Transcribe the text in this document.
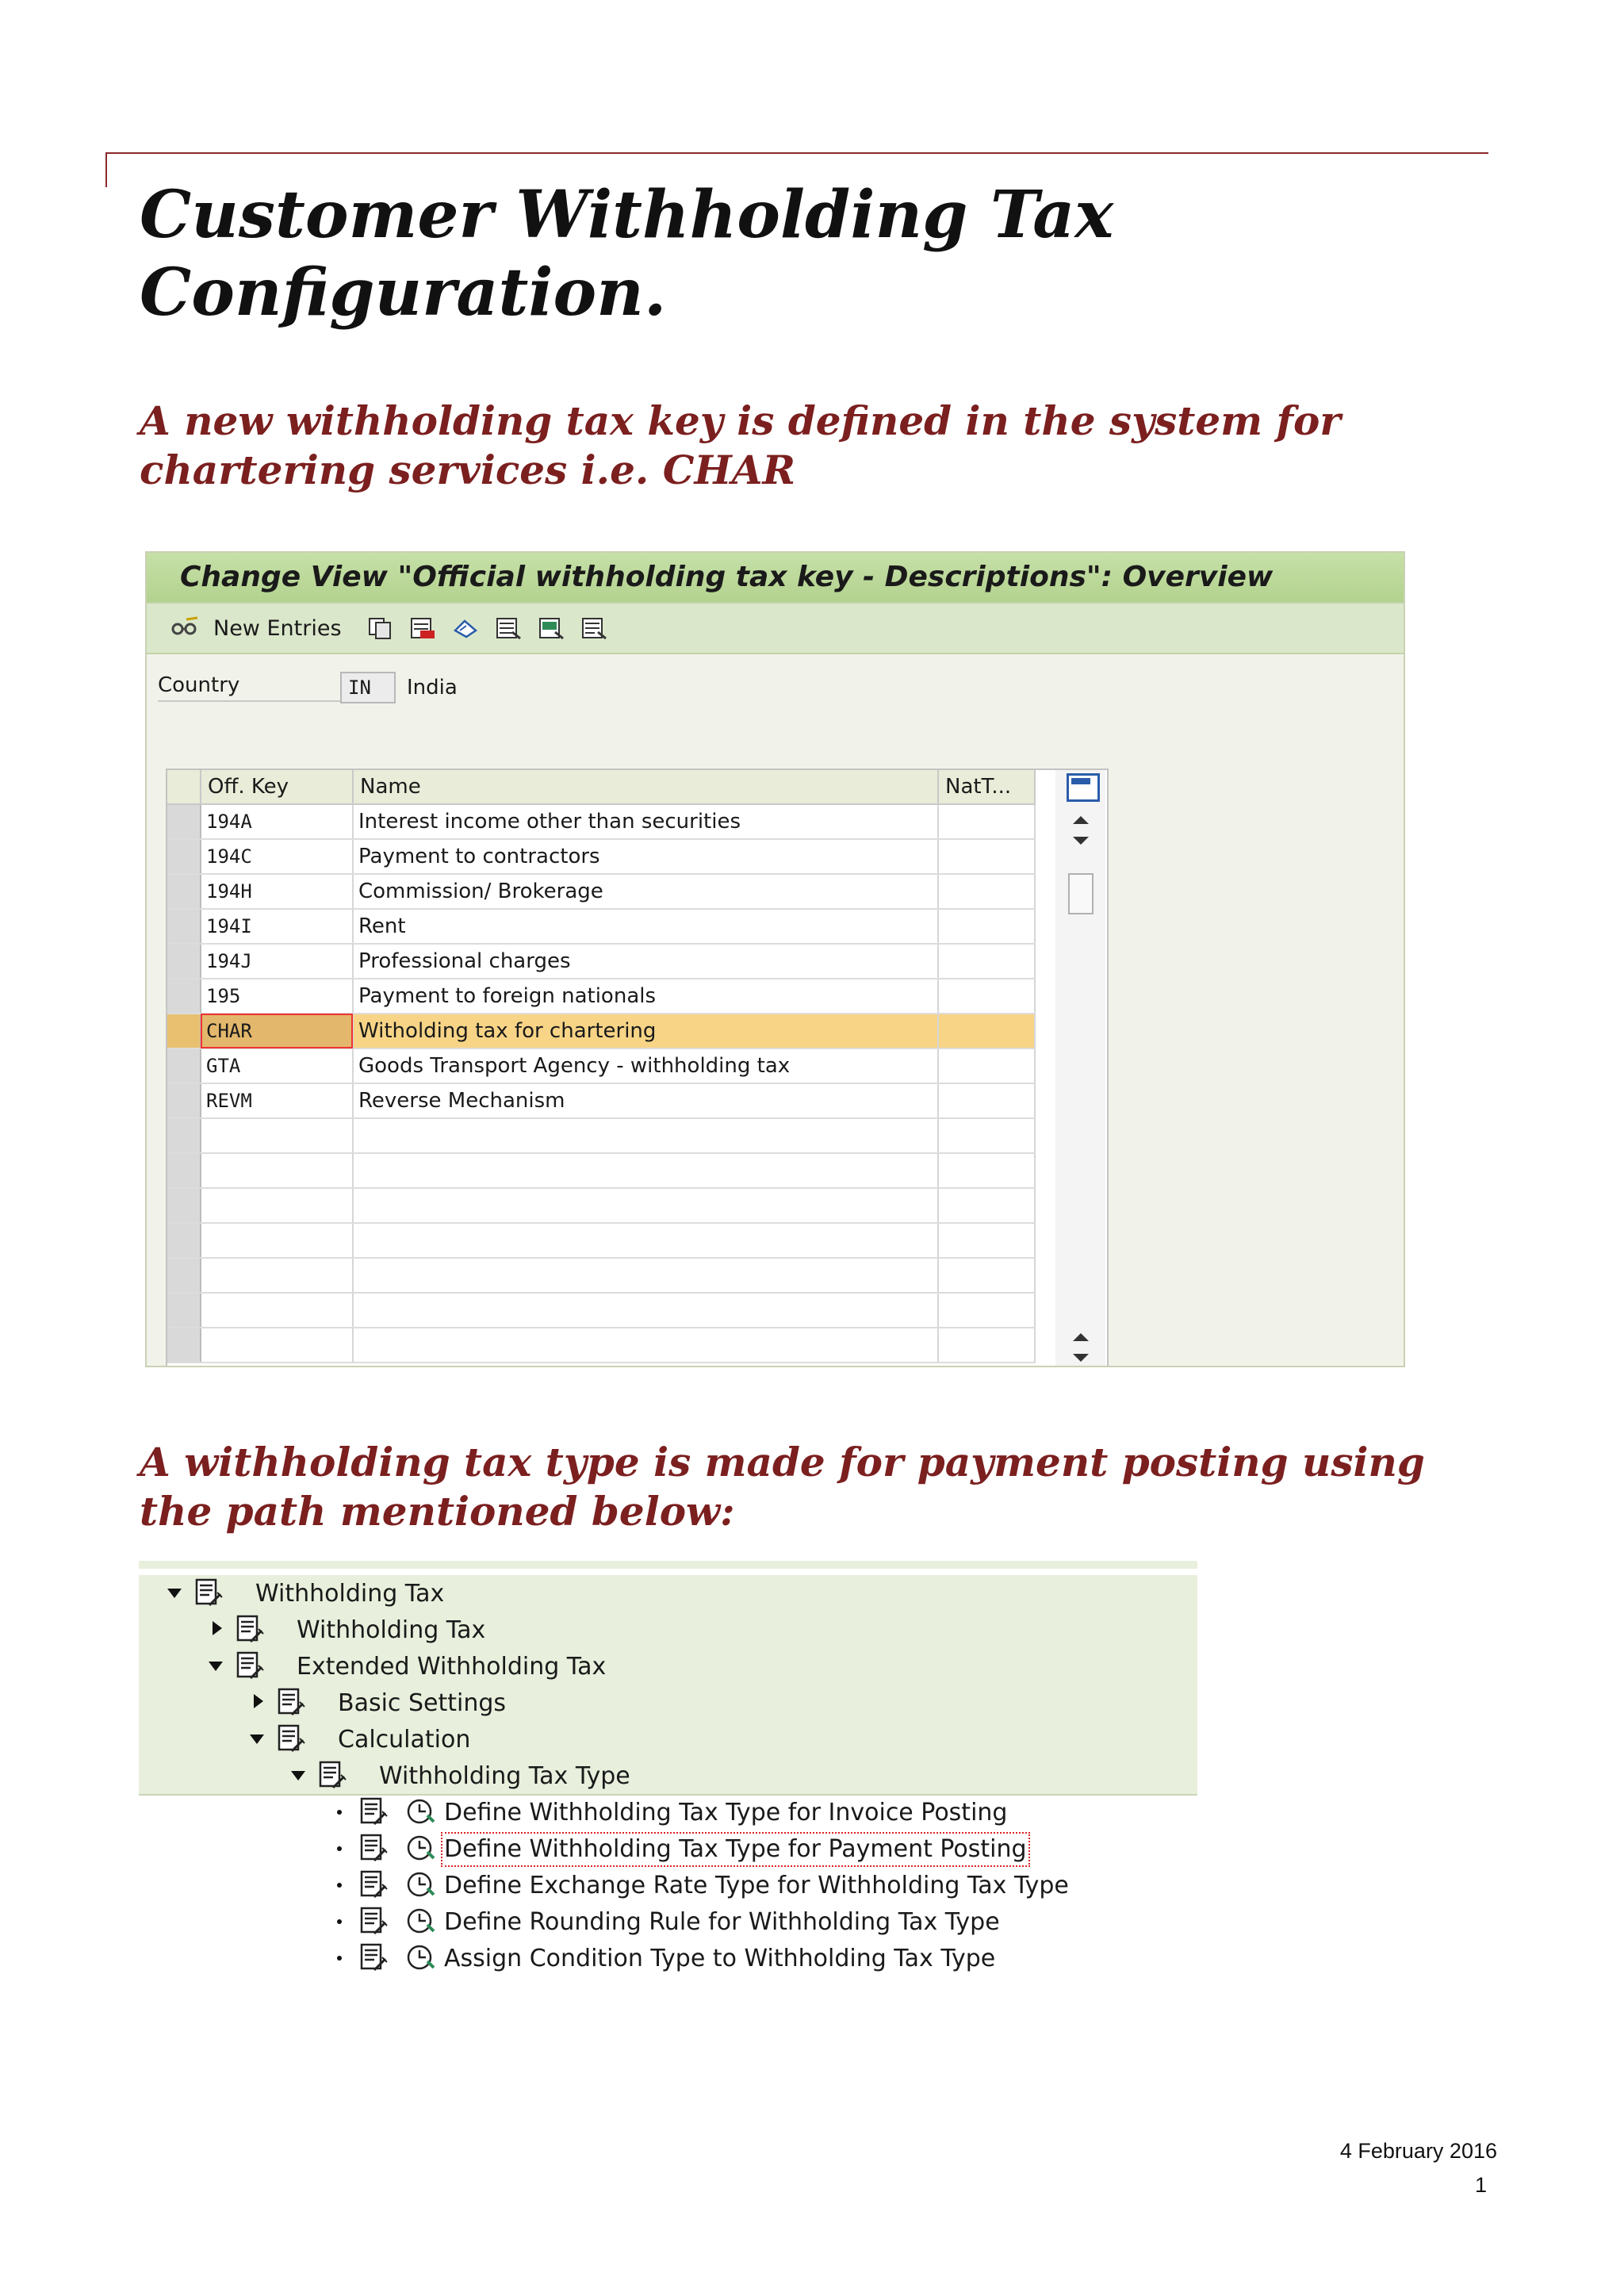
Customer Withholding Tax Configuration.
A new withholding tax key is defined in the system for chartering services i.e. CHAR
Change View "Official withholding tax key - Descriptions": Overview
New Entries
Country	IN	India
	Off. Key	Name	NatT...
	194A	Interest income other than securities	
	194C	Payment to contractors	
	194H	Commission/ Brokerage	
	194I	Rent	
	194J	Professional charges	
	195	Payment to foreign nationals	
	CHAR	Witholding tax for chartering	
	GTA	Goods Transport Agency - withholding tax	
	REVM	Reverse Mechanism	

A withholding tax type is made for payment posting using the path mentioned below:
Withholding Tax
Withholding Tax
Extended Withholding Tax
Basic Settings
Calculation
Withholding Tax Type
Define Withholding Tax Type for Invoice Posting
Define Withholding Tax Type for Payment Posting
Define Exchange Rate Type for Withholding Tax Type
Define Rounding Rule for Withholding Tax Type
Assign Condition Type to Withholding Tax Type
4 February 2016
1
